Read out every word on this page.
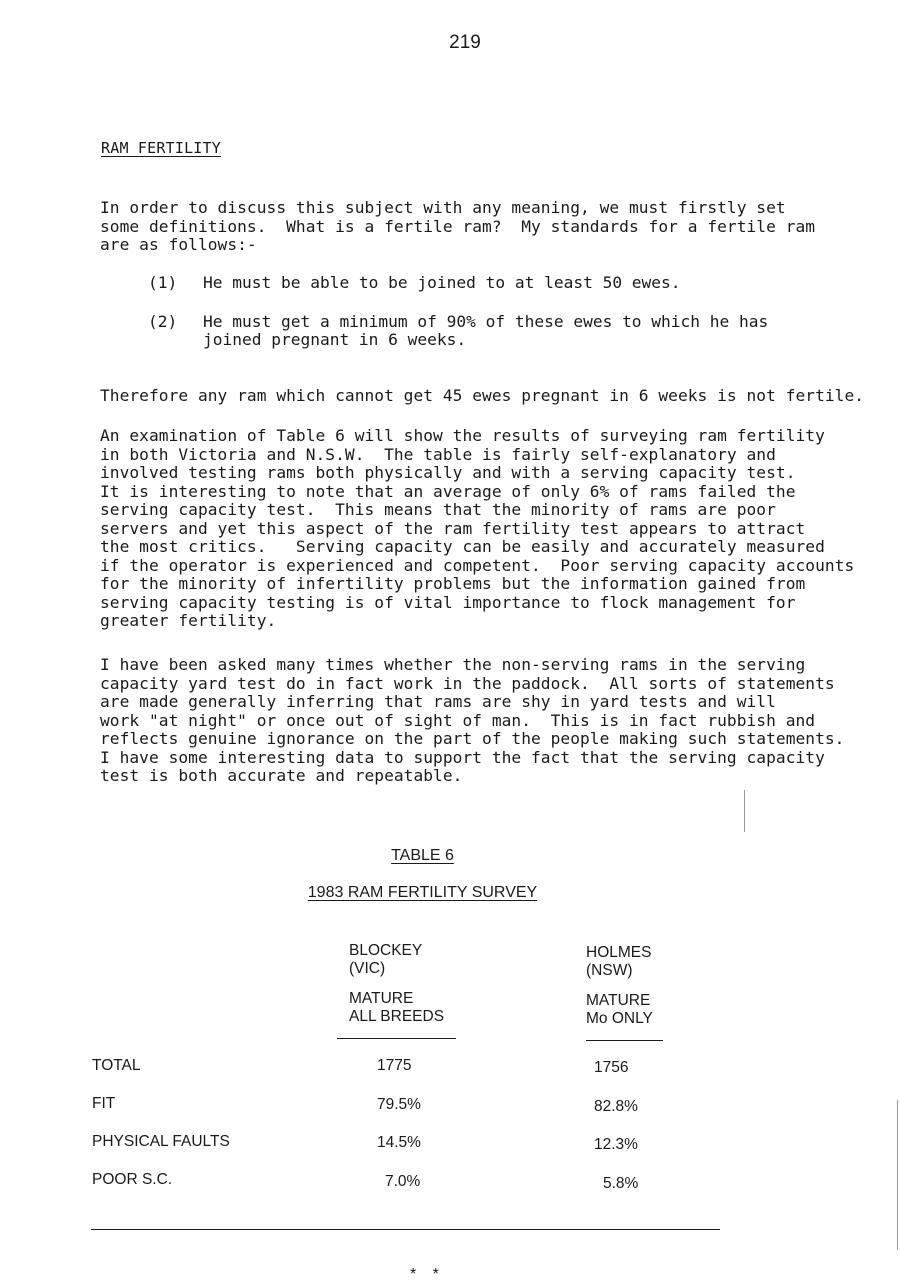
219
RAM FERTILITY
In order to discuss this subject with any meaning, we must firstly set
some definitions.  What is a fertile ram?  My standards for a fertile ram
are as follows:-
(1) He must be able to be joined to at least 50 ewes.
(2) He must get a minimum of 90% of these ewes to which he has
joined pregnant in 6 weeks.
Therefore any ram which cannot get 45 ewes pregnant in 6 weeks is not fertile.
An examination of Table 6 will show the results of surveying ram fertility
in both Victoria and N.S.W.  The table is fairly self-explanatory and
involved testing rams both physically and with a serving capacity test.
It is interesting to note that an average of only 6% of rams failed the
serving capacity test.  This means that the minority of rams are poor
servers and yet this aspect of the ram fertility test appears to attract
the most critics.   Serving capacity can be easily and accurately measured
if the operator is experienced and competent.  Poor serving capacity accounts
for the minority of infertility problems but the information gained from
serving capacity testing is of vital importance to flock management for
greater fertility.
I have been asked many times whether the non-serving rams in the serving
capacity yard test do in fact work in the paddock.  All sorts of statements
are made generally inferring that rams are shy in yard tests and will
work "at night" or once out of sight of man.  This is in fact rubbish and
reflects genuine ignorance on the part of the people making such statements.
I have some interesting data to support the fact that the serving capacity
test is both accurate and repeatable.
TABLE 6
1983 RAM FERTILITY SURVEY
BLOCKEY
(VIC)
MATURE
ALL BREEDS
HOLMES
(NSW)
MATURE
Mo ONLY
TOTAL	1775	1756
FIT	79.5%	82.8%
PHYSICAL FAULTS	14.5%	12.3%
POOR S.C.	7.0%	5.8%
* *
